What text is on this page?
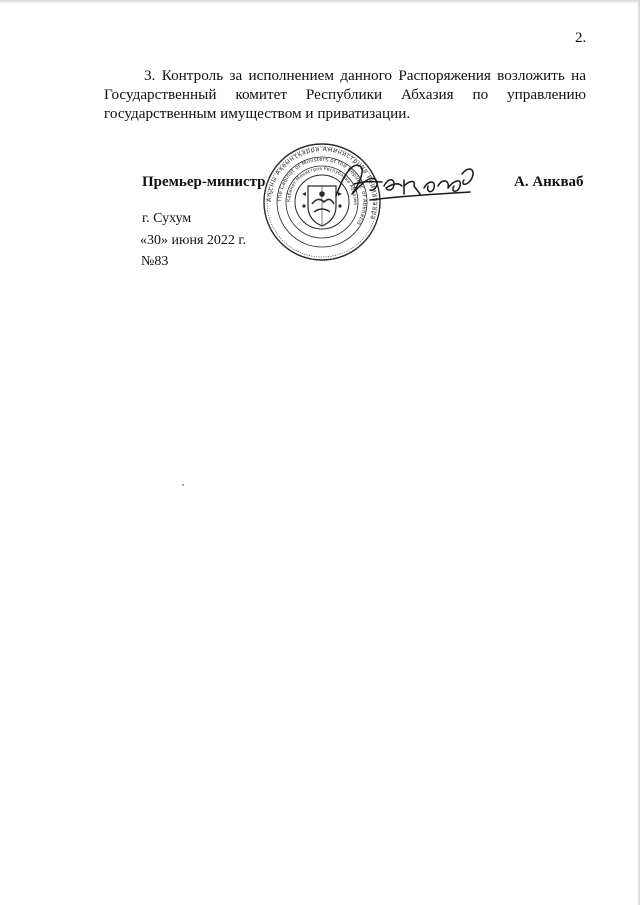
2.

3. Контроль за исполнением данного Распоряжения возложить на Государственный комитет Республики Абхазия по управлению государственным имуществом и приватизации.

Премьер-министр	А. Анкваб
Аҧсны Аҳәынҭқарра Аминистрцәа Реилазаара
The Cabinet of Ministers of the Republic of Abkhazia
Кабинет Министров Республики Абхазия
г. Сухум
«30» июня 2022 г.
№83
